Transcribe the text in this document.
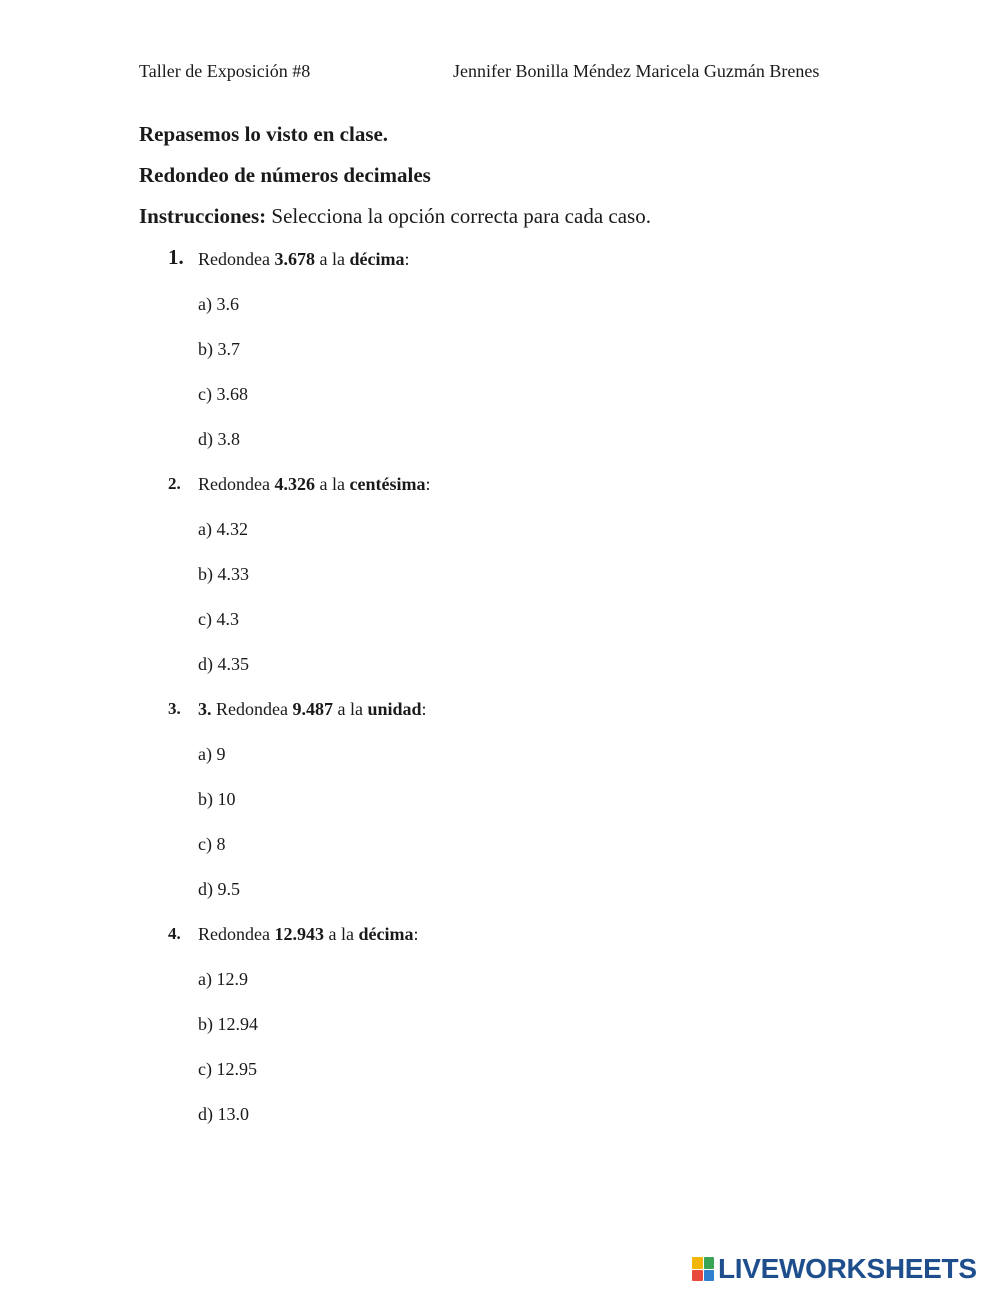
Taller de Exposición #8	Jennifer Bonilla Méndez Maricela Guzmán Brenes
Repasemos lo visto en clase.
Redondeo de números decimales
Instrucciones: Selecciona la opción correcta para cada caso.
1. Redondea 3.678 a la décima:
a) 3.6
b) 3.7
c) 3.68
d) 3.8
2. Redondea 4.326 a la centésima:
a) 4.32
b) 4.33
c) 4.3
d) 4.35
3. 3. Redondea 9.487 a la unidad:
a) 9
b) 10
c) 8
d) 9.5
4. Redondea 12.943 a la décima:
a) 12.9
b) 12.94
c) 12.95
d) 13.0
LIVEWORKSHEETS
